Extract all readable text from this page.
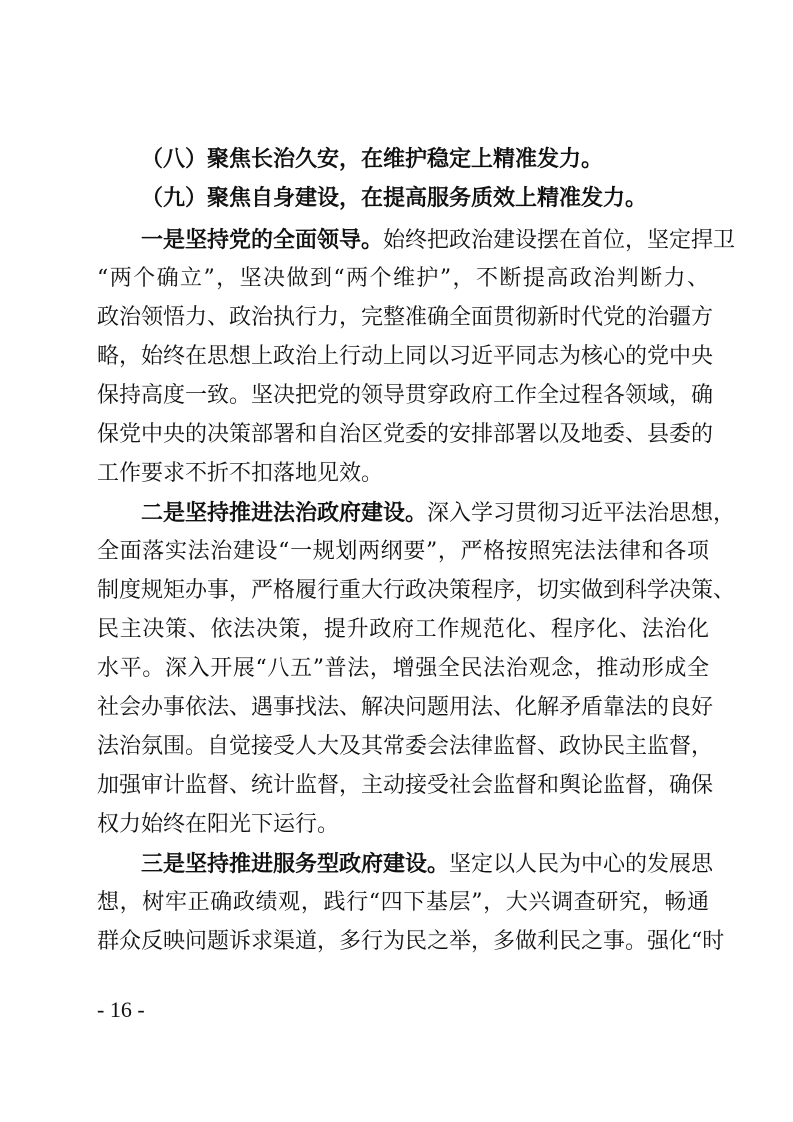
（八）聚焦长治久安，在维护稳定上精准发力。
（九）聚焦自身建设，在提高服务质效上精准发力。
一是坚持党的全面领导。始终把政治建设摆在首位，坚定捍卫
“两个确立”，坚决做到“两个维护”，不断提高政治判断力、
政治领悟力、政治执行力，完整准确全面贯彻新时代党的治疆方
略，始终在思想上政治上行动上同以习近平同志为核心的党中央
保持高度一致。坚决把党的领导贯穿政府工作全过程各领域，确
保党中央的决策部署和自治区党委的安排部署以及地委、县委的
工作要求不折不扣落地见效。
二是坚持推进法治政府建设。深入学习贯彻习近平法治思想，
全面落实法治建设“一规划两纲要”，严格按照宪法法律和各项
制度规矩办事，严格履行重大行政决策程序，切实做到科学决策、
民主决策、依法决策，提升政府工作规范化、程序化、法治化
水平。深入开展“八五”普法，增强全民法治观念，推动形成全
社会办事依法、遇事找法、解决问题用法、化解矛盾靠法的良好
法治氛围。自觉接受人大及其常委会法律监督、政协民主监督，
加强审计监督、统计监督，主动接受社会监督和舆论监督，确保
权力始终在阳光下运行。
三是坚持推进服务型政府建设。坚定以人民为中心的发展思
想，树牢正确政绩观，践行“四下基层”，大兴调查研究，畅通
群众反映问题诉求渠道，多行为民之举，多做利民之事。强化“时
- 16 -
